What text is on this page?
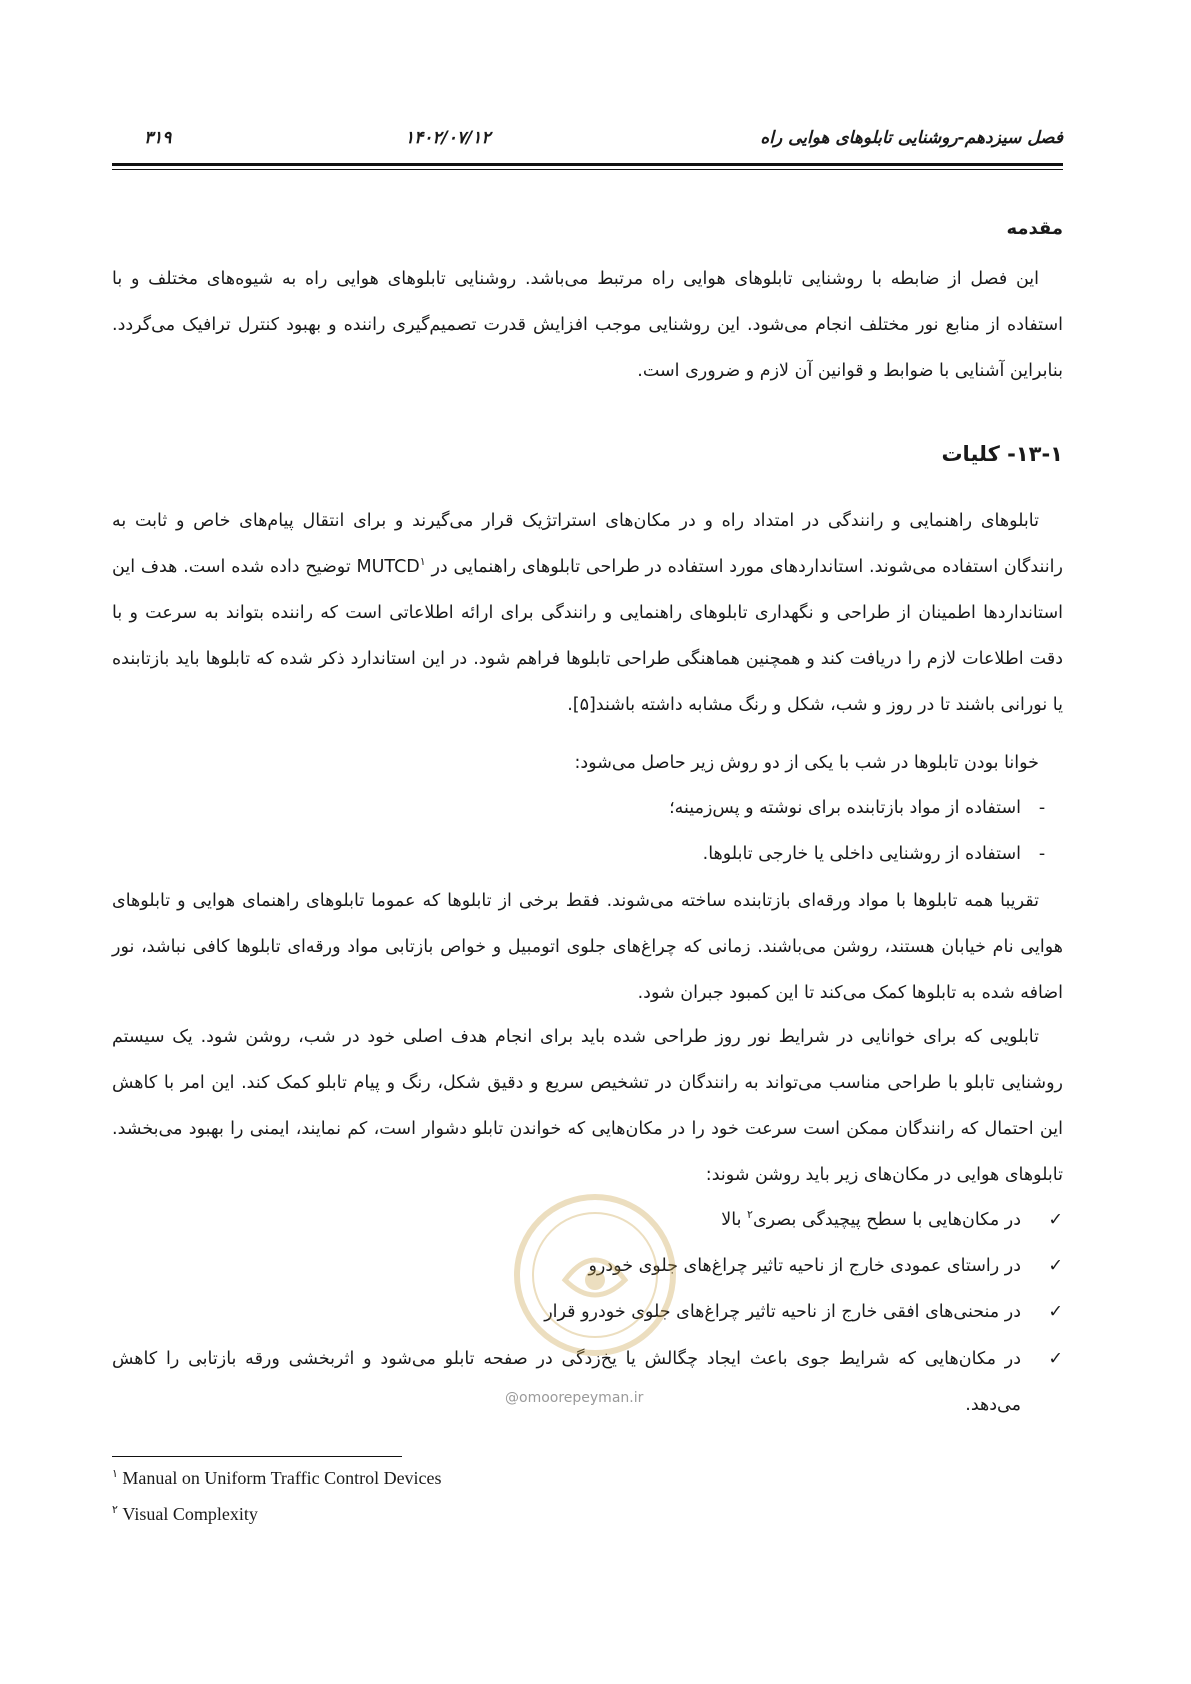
فصل سیزدهم-روشنایی تابلوهای هوایی راه
۱۴۰۲/۰۷/۱۲
۳۱۹
مقدمه
این فصل از ضابطه با روشنایی تابلوهای هوایی راه مرتبط می‌باشد. روشنایی تابلوهای هوایی راه به شیوه‌های مختلف و با استفاده از منابع نور مختلف انجام می‌شود. این روشنایی موجب افزایش قدرت تصمیم‌گیری راننده و بهبود کنترل ترافیک می‌گردد. بنابراین آشنایی با ضوابط و قوانین آن لازم و ضروری است.
۱۳-۱- کلیات
تابلوهای راهنمایی و رانندگی در امتداد راه و در مکان‌های استراتژیک قرار می‌گیرند و برای انتقال پیام‌های خاص و ثابت به رانندگان استفاده می‌شوند. استانداردهای مورد استفاده در طراحی تابلوهای راهنمایی در MUTCD$^۱$ توضیح داده شده است. هدف این استانداردها اطمینان از طراحی و نگهداری تابلوهای راهنمایی و رانندگی برای ارائه اطلاعاتی است که راننده بتواند به سرعت و با دقت اطلاعات لازم را دریافت کند و همچنین هماهنگی طراحی تابلوها فراهم شود. در این استاندارد ذکر شده که تابلوها باید بازتابنده یا نورانی باشند تا در روز و شب، شکل و رنگ مشابه داشته باشند[۵].
خوانا بودن تابلوها در شب با یکی از دو روش زیر حاصل می‌شود:
-استفاده از مواد بازتابنده برای نوشته و پس‌زمینه؛
-استفاده از روشنایی داخلی یا خارجی تابلوها.
تقریبا همه تابلوها با مواد ورقه‌ای بازتابنده ساخته می‌شوند. فقط برخی از تابلوها که عموما تابلوهای راهنمای هوایی و تابلوهای هوایی نام خیابان هستند، روشن می‌باشند. زمانی که چراغ‌های جلوی اتومبیل و خواص بازتابی مواد ورقه‌ای تابلوها کافی نباشد، نور اضافه شده به تابلوها کمک می‌کند تا این کمبود جبران شود.
تابلویی که برای خوانایی در شرایط نور روز طراحی شده باید برای انجام هدف اصلی خود در شب، روشن شود. یک سیستم روشنایی تابلو با طراحی مناسب می‌تواند به رانندگان در تشخیص سریع و دقیق شکل، رنگ و پیام تابلو کمک کند. این امر با کاهش این احتمال که رانندگان ممکن است سرعت خود را در مکان‌هایی که خواندن تابلو دشوار است، کم نمایند، ایمنی را بهبود می‌بخشد. تابلوهای هوایی در مکان‌های زیر باید روشن شوند:
✓
در مکان‌هایی با سطح پیچیدگی بصری$^۲$ بالا
✓
در راستای عمودی خارج از ناحیه تاثیر چراغ‌های جلوی خودرو
✓
در منحنی‌های افقی خارج از ناحیه تاثیر چراغ‌های جلوی خودرو قرار
✓
در مکان‌هایی که شرایط جوی باعث ایجاد چگالش یا یخ‌زدگی در صفحه تابلو می‌شود و اثربخشی ورقه بازتابی را کاهش می‌دهد.
@omoorepeyman.ir
$^۱$ Manual on Uniform Traffic Control Devices
$^۲$ Visual Complexity
